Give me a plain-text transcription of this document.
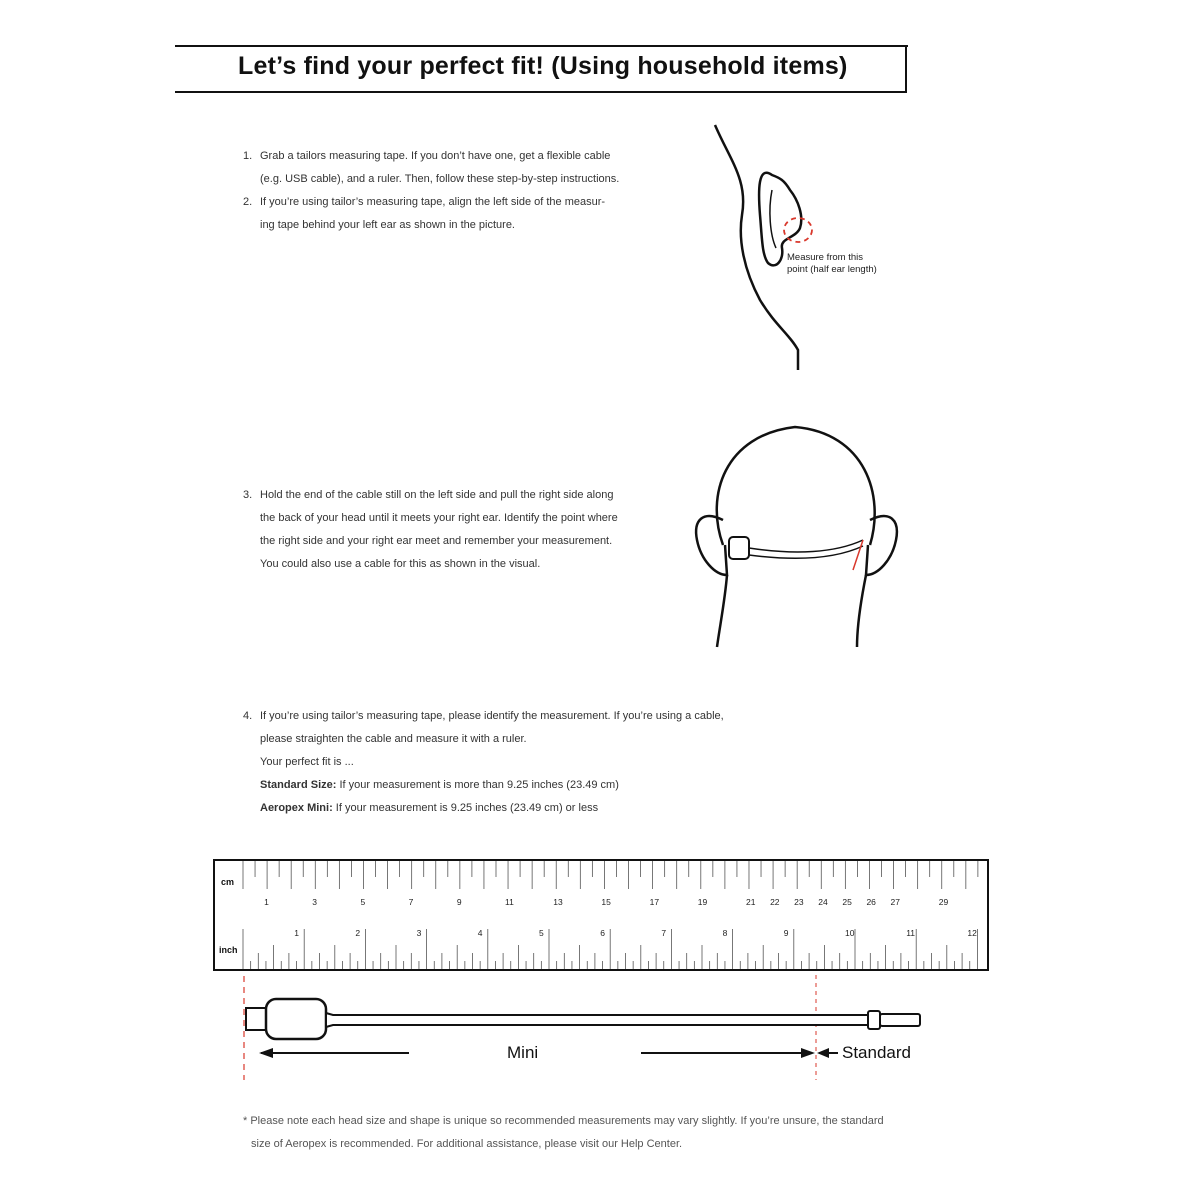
Let’s find your perfect fit! (Using household items)
1. Grab a tailors measuring tape. If you don’t have one, get a flexible cable

(e.g. USB cable), and a ruler. Then, follow these step-by-step instructions.

2. If you’re using tailor’s measuring tape, align the left side of the measur-

ing tape behind your left ear as shown in the picture.

Measure from this

point (half ear length)

3. Hold the end of the cable still on the left side and pull the right side along

the back of your head until it meets your right ear. Identify the point where

the right side and your right ear meet and remember your measurement.

You could also use a cable for this as shown in the visual.

4. If you’re using tailor’s measuring tape, please identify the measurement. If you’re using a cable,

please straighten the cable and measure it with a ruler.

Your perfect fit is ...

Standard Size: If your measurement is more than 9.25 inches (23.49 cm)

Aeropex Mini: If your measurement is 9.25 inches (23.49 cm) or less

cm
inch
1	3	5	7	9	11	13	15	17	19	21 22 23 24 25 26 27	29
1	2	3	4	5	6	7	8	9	10	11	12
Mini	Standard

* Please note each head size and shape is unique so recommended measurements may vary slightly. If you’re unsure, the standard

size of Aeropex is recommended. For additional assistance, please visit our Help Center.
